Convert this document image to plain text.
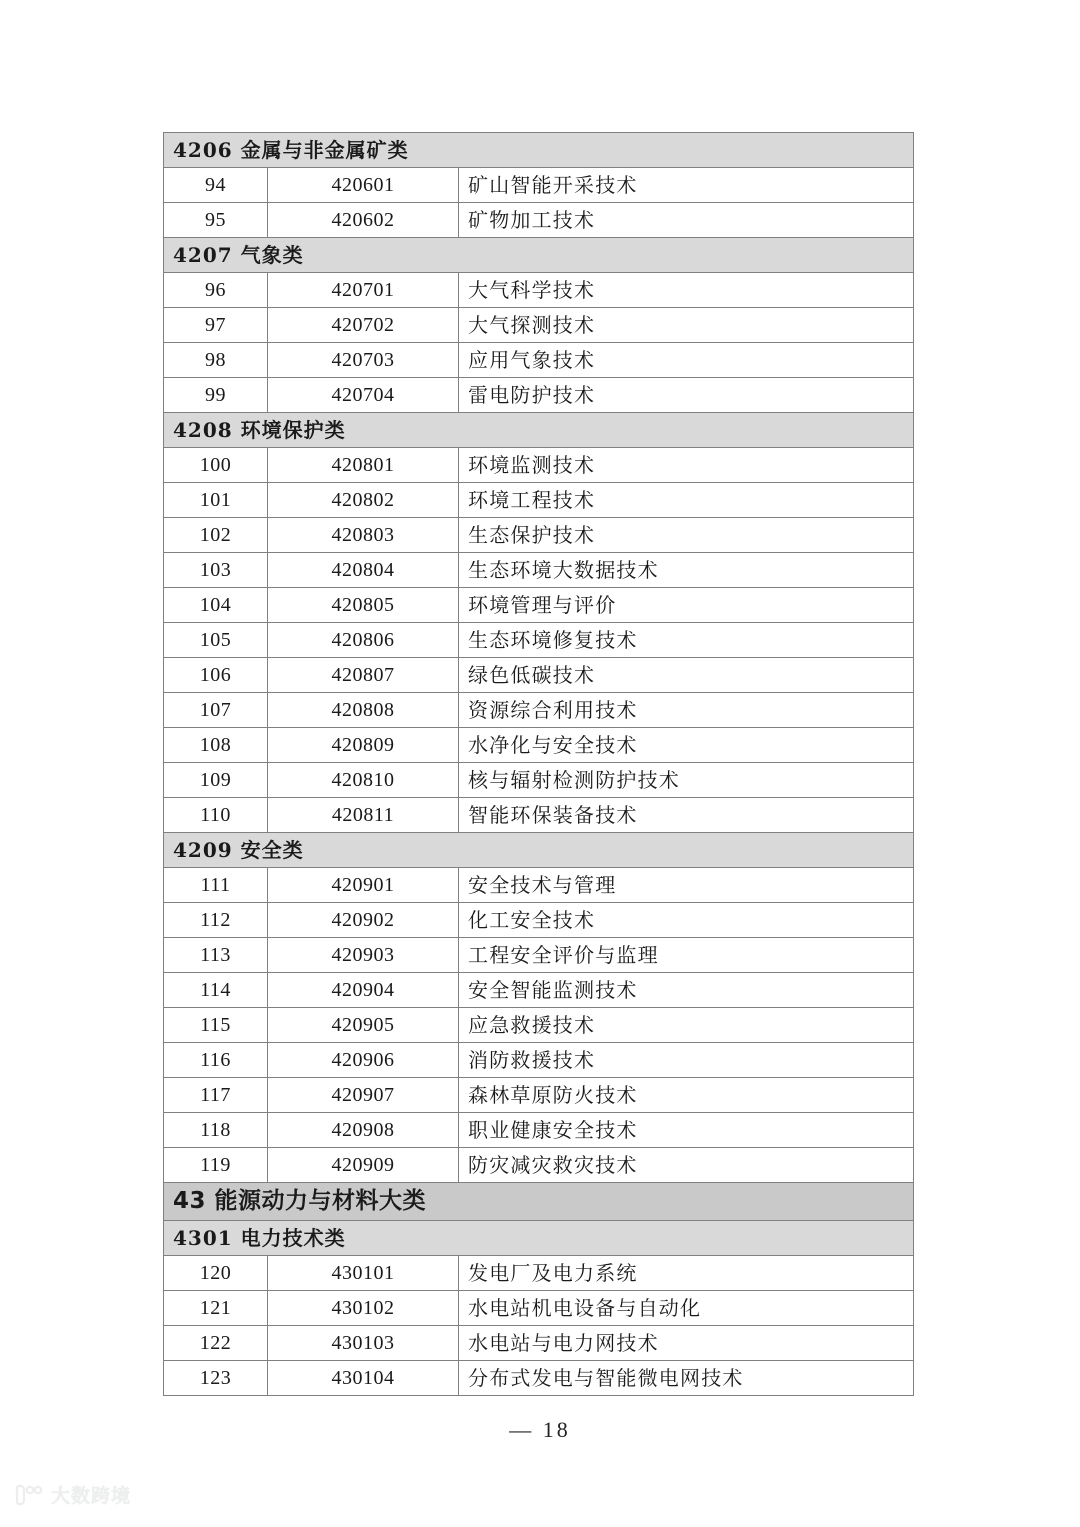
4206 金属与非金属矿类		
94	420601	矿山智能开采技术
95	420602	矿物加工技术
4207 气象类		
96	420701	大气科学技术
97	420702	大气探测技术
98	420703	应用气象技术
99	420704	雷电防护技术
4208 环境保护类		
100	420801	环境监测技术
101	420802	环境工程技术
102	420803	生态保护技术
103	420804	生态环境大数据技术
104	420805	环境管理与评价
105	420806	生态环境修复技术
106	420807	绿色低碳技术
107	420808	资源综合利用技术
108	420809	水净化与安全技术
109	420810	核与辐射检测防护技术
110	420811	智能环保装备技术
4209 安全类		
111	420901	安全技术与管理
112	420902	化工安全技术
113	420903	工程安全评价与监理
114	420904	安全智能监测技术
115	420905	应急救援技术
116	420906	消防救援技术
117	420907	森林草原防火技术
118	420908	职业健康安全技术
119	420909	防灾减灾救灾技术
43 能源动力与材料大类		
4301 电力技术类		
120	430101	发电厂及电力系统
121	430102	水电站机电设备与自动化
122	430103	水电站与电力网技术
123	430104	分布式发电与智能微电网技术
— 18
大数跨境
